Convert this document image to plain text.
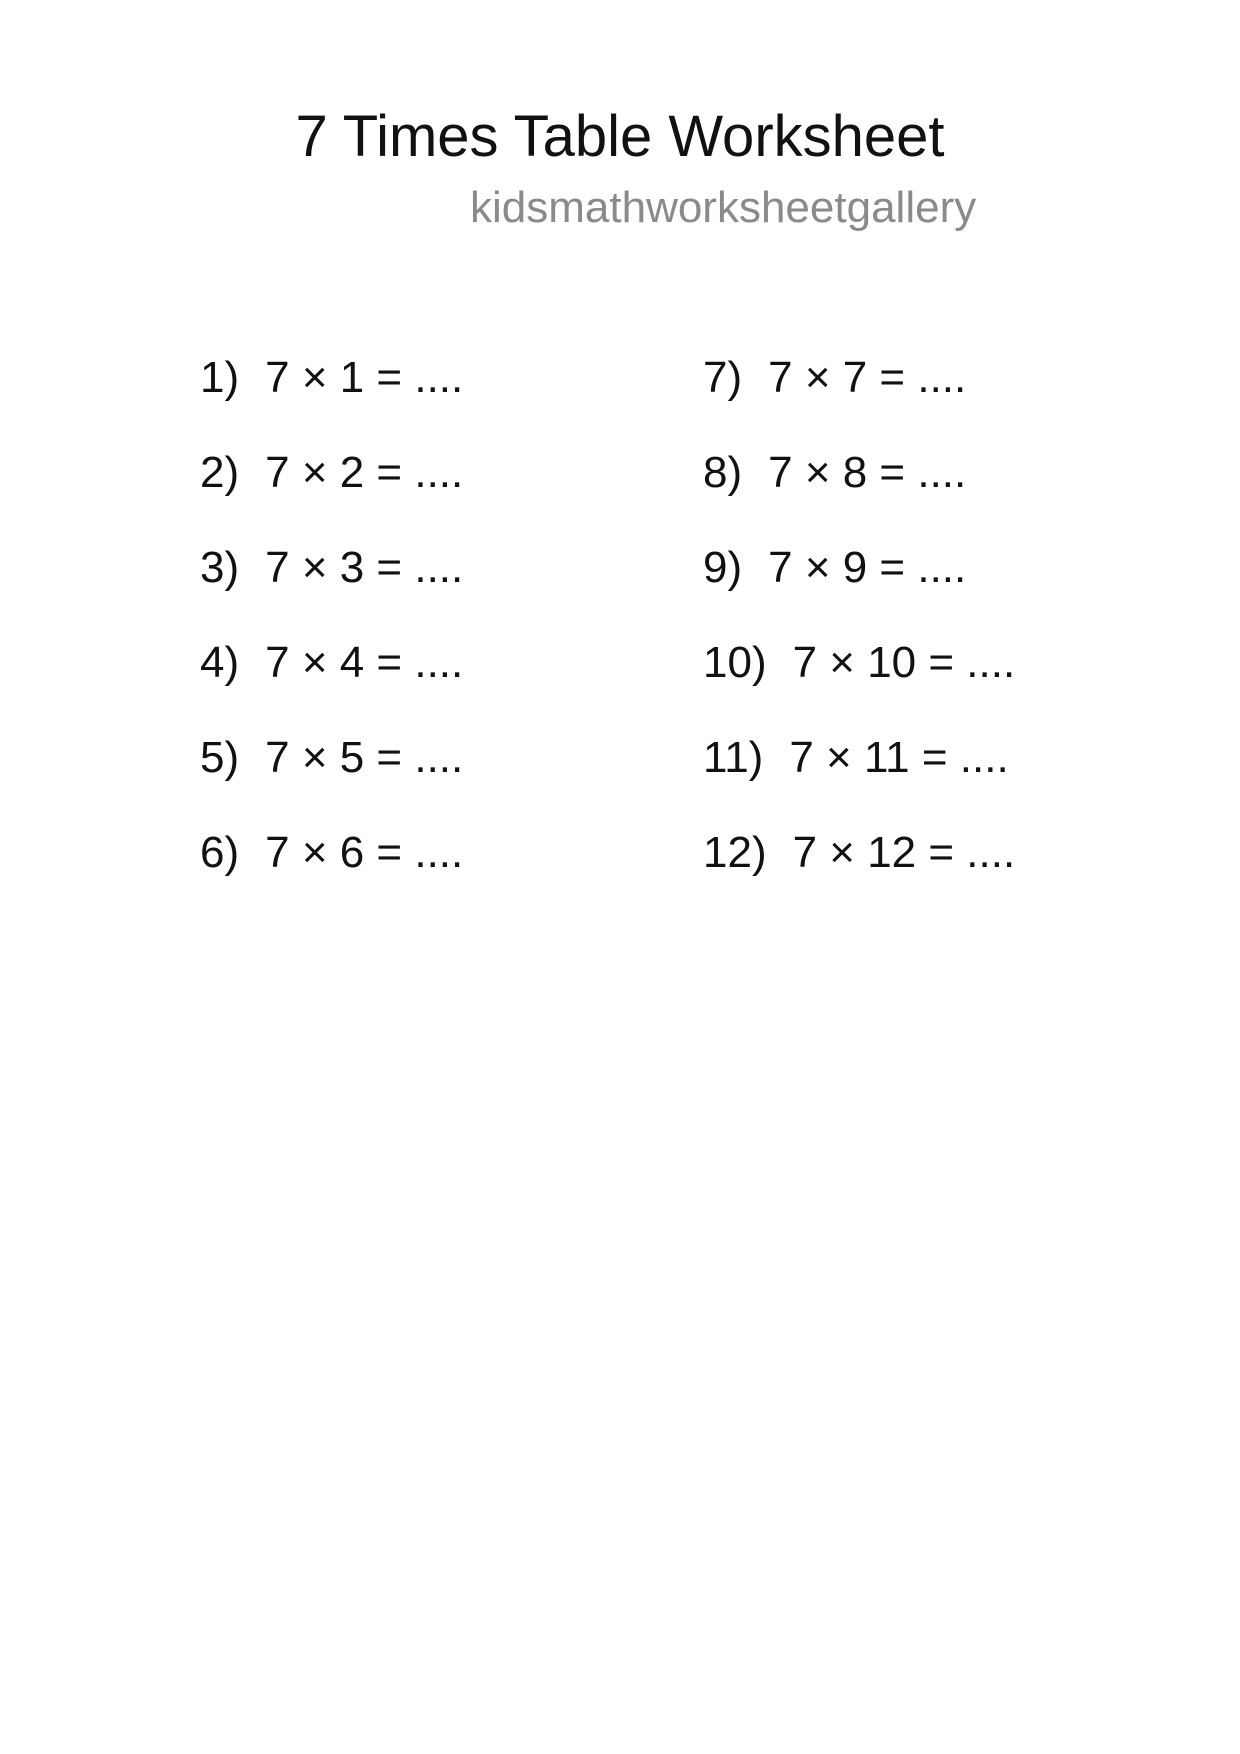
7 Times Table Worksheet
kidsmathworksheetgallery
1) 7 × 1 = ....
2) 7 × 2 = ....
3) 7 × 3 = ....
4) 7 × 4 = ....
5) 7 × 5 = ....
6) 7 × 6 = ....
7) 7 × 7 = ....
8) 7 × 8 = ....
9) 7 × 9 = ....
10) 7 × 10 = ....
11) 7 × 11 = ....
12) 7 × 12 = ....
